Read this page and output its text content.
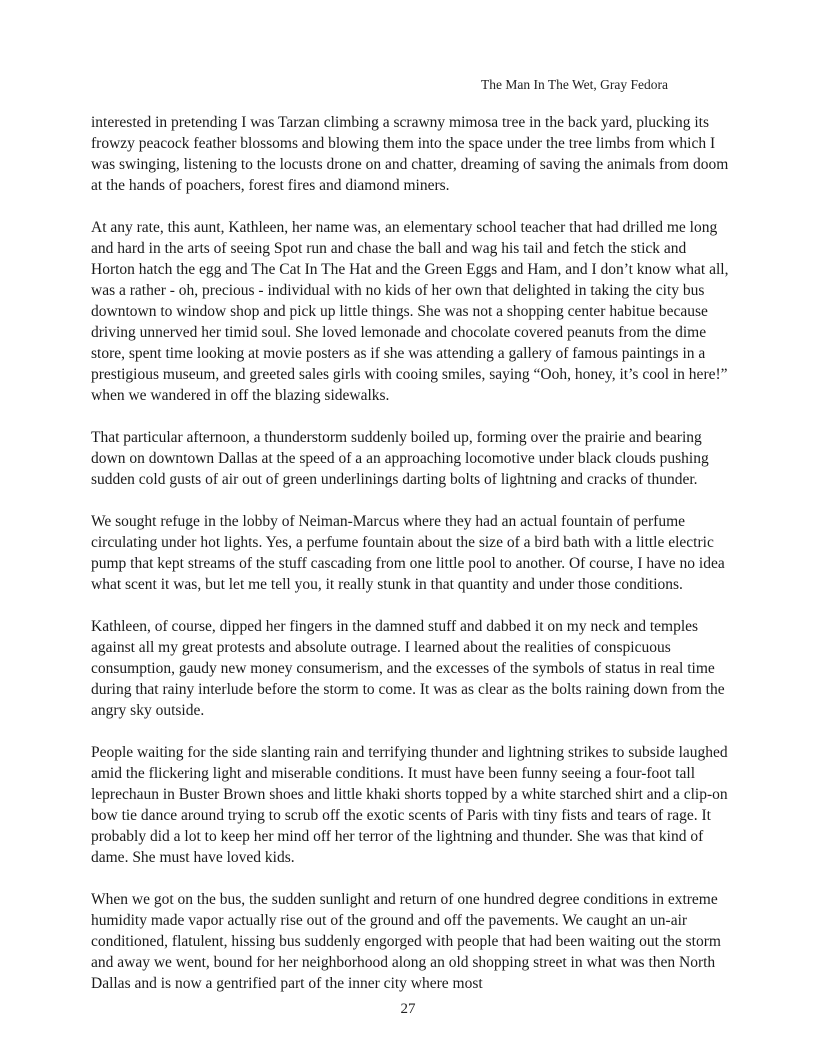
The Man In The Wet, Gray Fedora

interested in pretending I was Tarzan climbing a scrawny mimosa tree in the back yard, plucking its frowzy peacock feather blossoms and blowing them into the space under the tree limbs from which I was swinging, listening to the locusts drone on and chatter, dreaming of saving the animals from doom at the hands of poachers, forest fires and diamond miners.

At any rate, this aunt, Kathleen, her name was, an elementary school teacher that had drilled me long and hard in the arts of seeing Spot run and chase the ball and wag his tail and fetch the stick and Horton hatch the egg and The Cat In The Hat and the Green Eggs and Ham, and I don’t know what all, was a rather - oh, precious - individual with no kids of her own that delighted in taking the city bus downtown to window shop and pick up little things. She was not a shopping center habitue because driving unnerved her timid soul. She loved lemonade and chocolate covered peanuts from the dime store, spent time looking at movie posters as if she was attending a gallery of famous paintings in a prestigious museum, and greeted sales girls with cooing smiles, saying “Ooh, honey, it’s cool in here!” when we wandered in off the blazing sidewalks.

That particular afternoon, a thunderstorm suddenly boiled up, forming over the prairie and bearing down on downtown Dallas at the speed of a an approaching locomotive under black clouds pushing sudden cold gusts of air out of green underlinings darting bolts of lightning and cracks of thunder.

We sought refuge in the lobby of Neiman-Marcus where they had an actual fountain of perfume circulating under hot lights. Yes, a perfume fountain about the size of a bird bath with a little electric pump that kept streams of the stuff cascading from one little pool to another. Of course, I have no idea what scent it was, but let me tell you, it really stunk in that quantity and under those conditions.

Kathleen, of course, dipped her fingers in the damned stuff and dabbed it on my neck and temples against all my great protests and absolute outrage. I learned about the realities of conspicuous consumption, gaudy new money consumerism, and the excesses of the symbols of status in real time during that rainy interlude before the storm to come. It was as clear as the bolts raining down from the angry sky outside.

People waiting for the side slanting rain and terrifying thunder and lightning strikes to subside laughed amid the flickering light and miserable conditions. It must have been funny seeing a four-foot tall leprechaun in Buster Brown shoes and little khaki shorts topped by a white starched shirt and a clip-on bow tie dance around trying to scrub off the exotic scents of Paris with tiny fists and tears of rage. It probably did a lot to keep her mind off her terror of the lightning and thunder. She was that kind of dame. She must have loved kids.

When we got on the bus, the sudden sunlight and return of one hundred degree conditions in extreme humidity made vapor actually rise out of the ground and off the pavements. We caught an un-air conditioned, flatulent, hissing bus suddenly engorged with people that had been waiting out the storm and away we went, bound for her neighborhood along an old shopping street in what was then North Dallas and is now a gentrified part of the inner city where most

27
